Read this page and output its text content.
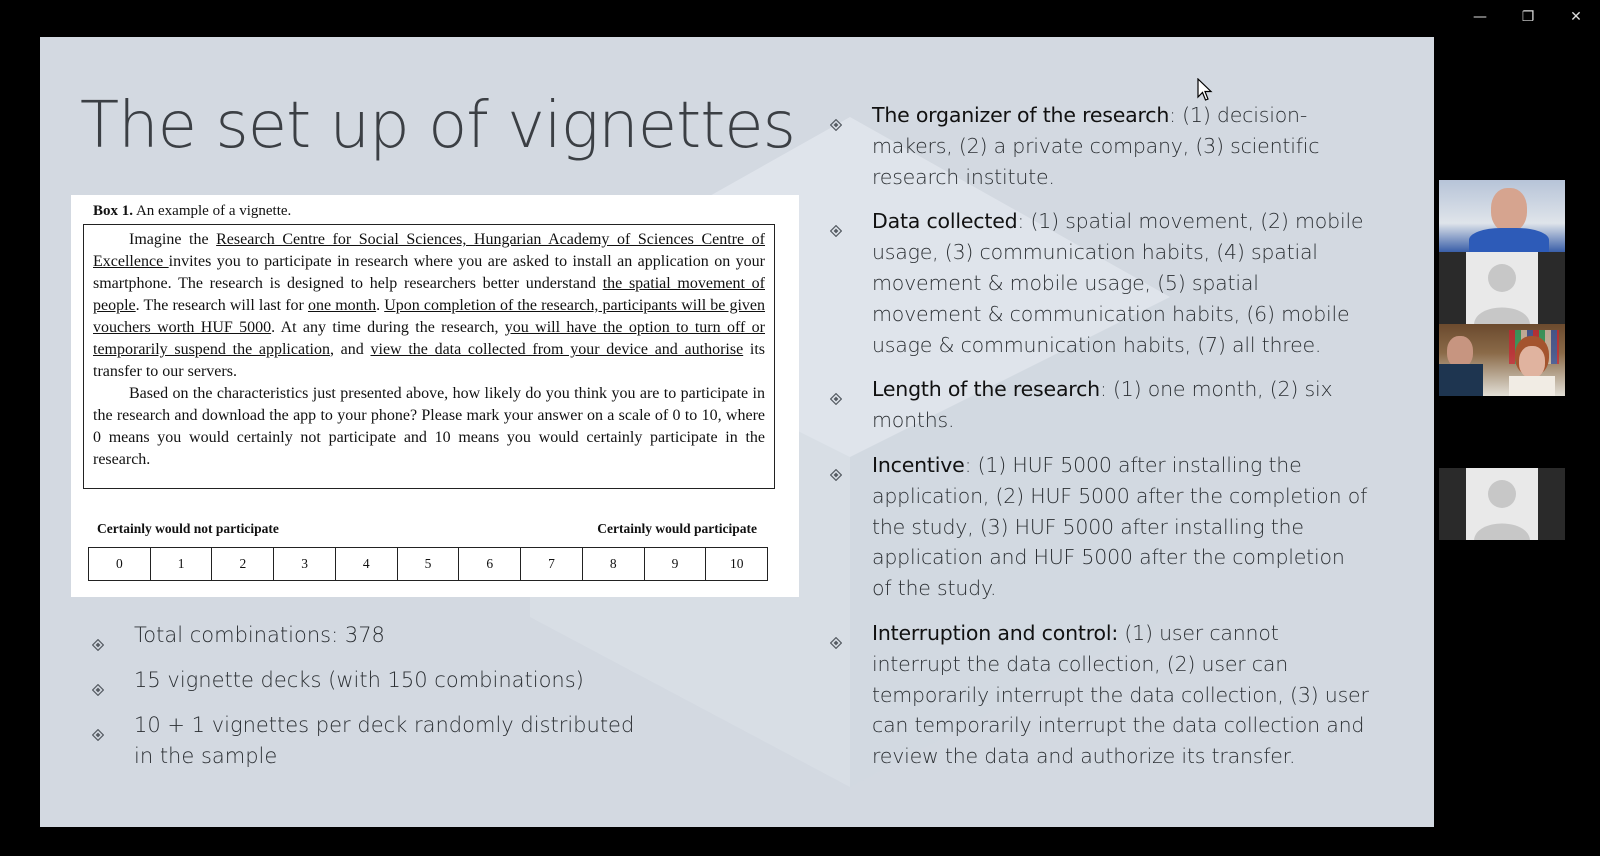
—	❐	✕
The set up of vignettes
Box 1. An example of a vignette.

Imagine the Research Centre for Social Sciences, Hungarian Academy of Sciences Centre of Excellence invites you to participate in research where you are asked to install an application on your smartphone. The research is designed to help researchers better understand the spatial movement of people. The research will last for one month. Upon completion of the research, participants will be given vouchers worth HUF 5000. At any time during the research, you will have the option to turn off or temporarily suspend the application, and view the data collected from your device and authorise its transfer to our servers.

Based on the characteristics just presented above, how likely do you think you are to participate in the research and download the app to your phone? Please mark your answer on a scale of 0 to 10, where 0 means you would certainly not participate and 10 means you would certainly participate in the research.

Certainly would not participate	Certainly would participate
0	1	2	3	4	5	6	7	8	9	10
Total combinations: 378
15 vignette decks (with 150 combinations)
10 + 1 vignettes per deck randomly distributed in the sample
The organizer of the research: (1) decision-makers, (2) a private company, (3) scientific research institute.
Data collected: (1) spatial movement, (2) mobile usage, (3) communication habits, (4) spatial movement & mobile usage, (5) spatial movement & communication habits, (6) mobile usage & communication habits, (7) all three.
Length of the research: (1) one month, (2) six months.
Incentive: (1) HUF 5000 after installing the application, (2) HUF 5000 after the completion of the study, (3) HUF 5000 after installing the application and HUF 5000 after the completion of the study.
Interruption and control: (1) user cannot interrupt the data collection, (2) user can temporarily interrupt the data collection, (3) user can temporarily interrupt the data collection and review the data and authorize its transfer.
